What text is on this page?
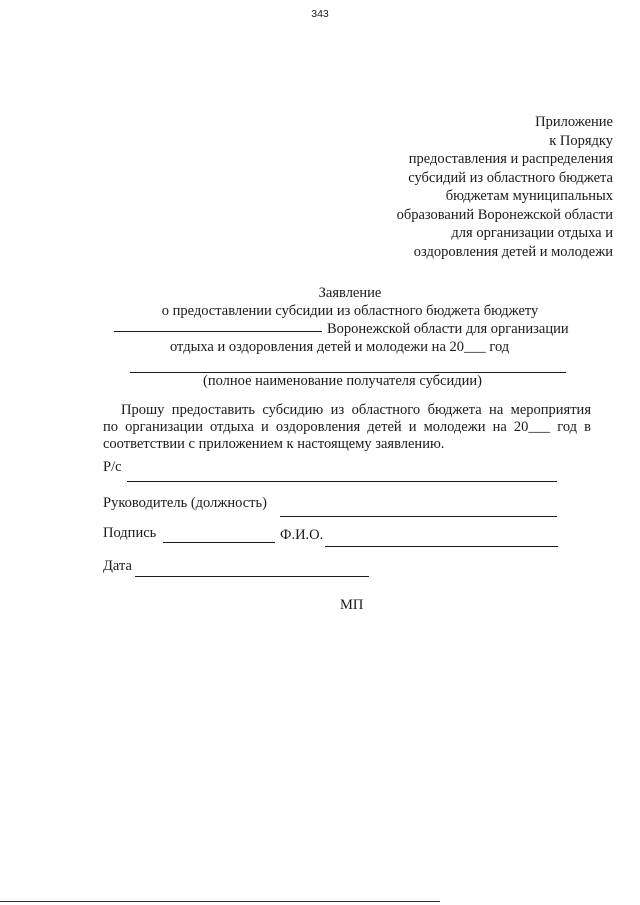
343
Приложение
к Порядку
предоставления и распределения
субсидий из областного бюджета
бюджетам муниципальных
образований Воронежской области
для организации отдыха и
оздоровления детей и молодежи
Заявление
о предоставлении субсидии из областного бюджета бюджету
Воронежской области для организации
отдыха и оздоровления детей и молодежи на 20___ год
(полное наименование получателя субсидии)
Прошу предоставить субсидию из областного бюджета на мероприятия
по организации отдыха и оздоровления детей и молодежи на 20___ год в
соответствии с приложением к настоящему заявлению.
Р/с
Руководитель (должность)
Подпись	Ф.И.О.
Дата
МП
